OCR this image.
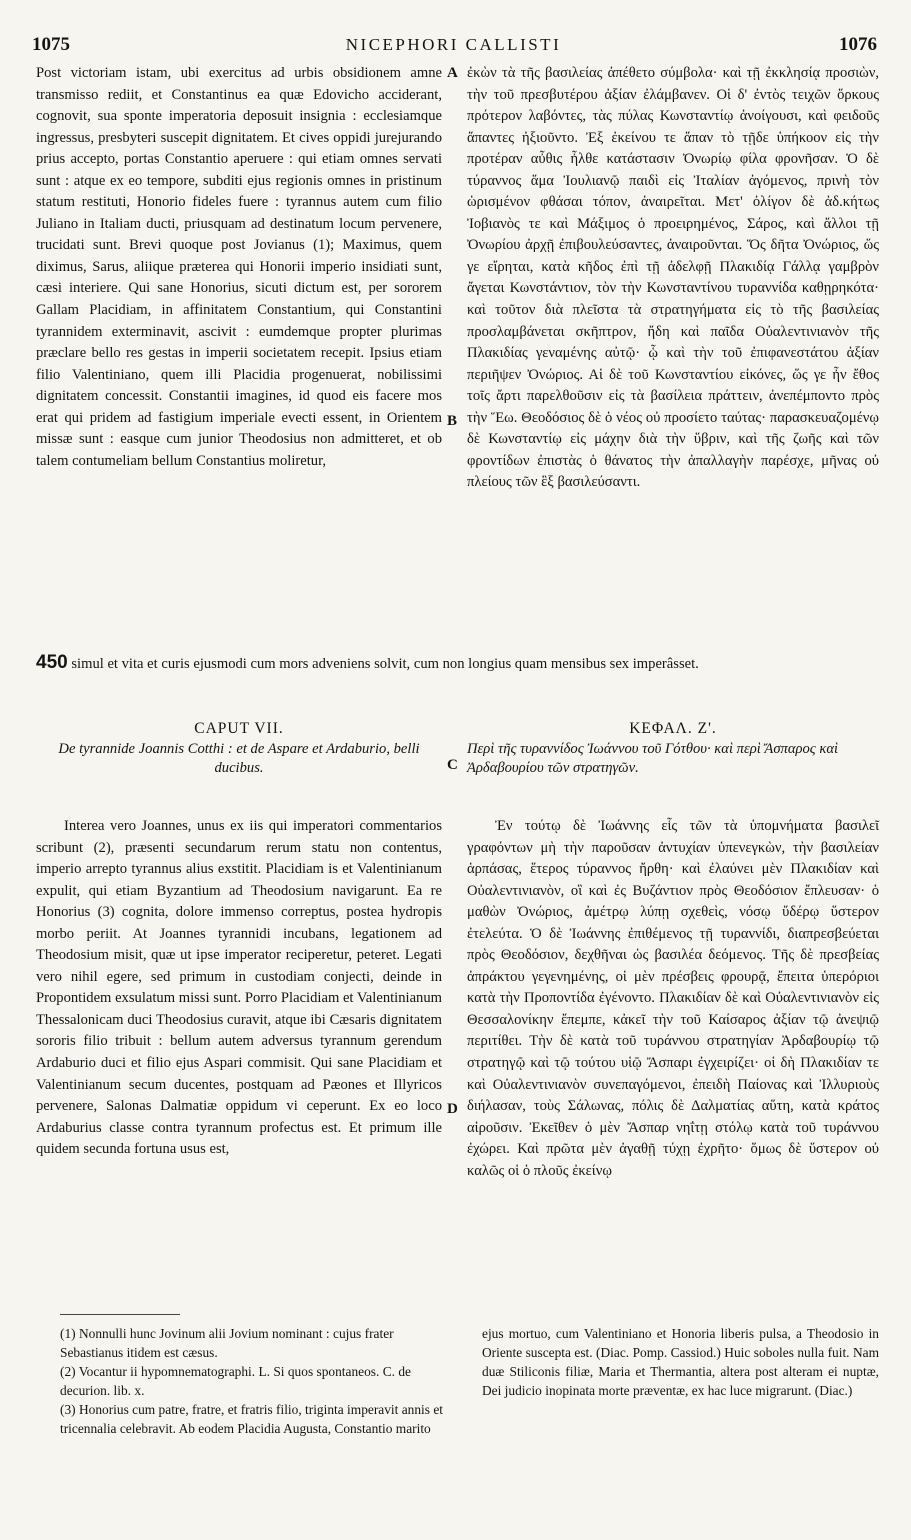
1075	NICEPHORI CALLISTI	1076
A
B
C
D

Post victoriam istam, ubi exercitus ad urbis obsidionem amne transmisso rediit, et Constantinus ea quæ Edovicho acciderant, cognovit, sua sponte imperatoria deposuit insignia : ecclesiamque ingressus, presbyteri suscepit dignitatem. Et cives oppidi jurejurando prius accepto, portas Constantio aperuere : qui etiam omnes servati sunt : atque ex eo tempore, subditi ejus regionis omnes in pristinum statum restituti, Honorio fideles fuere : tyrannus autem cum filio Juliano in Italiam ducti, priusquam ad destinatum locum pervenere, trucidati sunt. Brevi quoque post Jovianus (1); Maximus, quem diximus, Sarus, aliique præterea qui Honorii imperio insidiati sunt, cæsi interiere. Qui sane Honorius, sicuti dictum est, per sororem Gallam Placidiam, in affinitatem Constantium, qui Constantini tyrannidem exterminavit, ascivit : eumdemque propter plurimas præclare bello res gestas in imperii societatem recepit. Ipsius etiam filio Valentiniano, quem illi Placidia progenuerat, nobilissimi dignitatem concessit. Constantii imagines, id quod eis facere mos erat qui pridem ad fastigium imperiale evecti essent, in Orientem missæ sunt : easque cum junior Theodosius non admitteret, et ob talem contumeliam bellum Constantius moliretur,

ἐκὼν τὰ τῆς βασιλείας ἀπέθετο σύμβολα· καὶ τῇ ἐκκλησίᾳ προσιὼν, τὴν τοῦ πρεσβυτέρου ἀξίαν ἐλάμβανεν. Οἱ δ' ἐντὸς τειχῶν ὅρκους πρότερον λαβόντες, τὰς πύλας Κωνσταντίῳ ἀνοίγουσι, καὶ φειδοῦς ἅπαντες ἠξιοῦντο. Ἐξ ἐκείνου τε ἅπαν τὸ τῇδε ὑπήκοον εἰς τὴν προτέραν αὖθις ἦλθε κατάστασιν Ὀνωρίῳ φίλα φρονῆσαν. Ὁ δὲ τύραννος ἅμα Ἰουλιανῷ παιδὶ εἰς Ἰταλίαν ἀγόμενος, πρινὴ τὸν ὡρισμένον φθάσαι τόπον, ἀναιρεῖται. Μετ' ὀλίγον δὲ ἀδ.κήτως Ἰοβιανὸς τε καὶ Μάξιμος ὁ προειρημένος, Σάρος, καὶ ἄλλοι τῇ Ὀνωρίου ἀρχῇ ἐπιβουλεύσαντες, ἀναιροῦνται. Ὅς δῆτα Ὀνώριος, ὥς γε εἴρηται, κατὰ κῆδος ἐπὶ τῇ ἀδελφῇ Πλακιδίᾳ Γάλλᾳ γαμβρὸν ἄγεται Κωνστάντιον, τὸν τὴν Κωνσταντίνου τυραννίδα καθῃρηκότα· καὶ τοῦτον διὰ πλεῖστα τὰ στρατηγήματα εἰς τὸ τῆς βασιλείας προσλαμβάνεται σκῆπτρον, ἤδη καὶ παῖδα Οὐαλεντινιανὸν τῆς Πλακιδίας γεναμένης αὐτῷ· ᾧ καὶ τὴν τοῦ ἐπιφανεστάτου ἀξίαν περιῆψεν Ὀνώριος. Αἱ δὲ τοῦ Κωνσταντίου εἰκόνες, ὥς γε ἦν ἔθος τοῖς ἄρτι παρελθοῦσιν εἰς τὰ βασίλεια πράττειν, ἀνεπέμποντο πρὸς τὴν Ἕω. Θεοδόσιος δὲ ὁ νέος οὐ προσίετο ταύτας· παρασκευαζομένῳ δὲ Κωνσταντίῳ εἰς μάχην διὰ τὴν ὕβριν, καὶ τῆς ζωῆς καὶ τῶν φροντίδων ἐπιστὰς ὁ θάνατος τὴν ἀπαλλαγὴν παρέσχε, μῆνας οὐ πλείους τῶν ἓξ βασιλεύσαντι.

450 simul et vita et curis ejusmodi cum mors adveniens solvit, cum non longius quam mensibus sex imperâsset.

CAPUT VII.

De tyrannide Joannis Cotthi : et de Aspare et Ardaburio, belli ducibus.

ΚΕΦΑΛ. Ζ'.

Περὶ τῆς τυραννίδος Ἰωάννου τοῦ Γότθου· καὶ περὶ Ἄσπαρος καὶ Ἀρδαβουρίου τῶν στρατηγῶν.

Interea vero Joannes, unus ex iis qui imperatori commentarios scribunt (2), præsenti secundarum rerum statu non contentus, imperio arrepto tyrannus alius exstitit. Placidiam is et Valentinianum expulit, qui etiam Byzantium ad Theodosium navigarunt. Ea re Honorius (3) cognita, dolore immenso correptus, postea hydropis morbo periit. At Joannes tyrannidi incubans, legationem ad Theodosium misit, quæ ut ipse imperator reciperetur, peteret. Legati vero nihil egere, sed primum in custodiam conjecti, deinde in Propontidem exsulatum missi sunt. Porro Placidiam et Valentinianum Thessalonicam duci Theodosius curavit, atque ibi Cæsaris dignitatem sororis filio tribuit : bellum autem adversus tyrannum gerendum Ardaburio duci et filio ejus Aspari commisit. Qui sane Placidiam et Valentinianum secum ducentes, postquam ad Pæones et Illyricos pervenere, Salonas Dalmatiæ oppidum vi ceperunt. Ex eo loco Ardaburius classe contra tyrannum profectus est. Et primum ille quidem secunda fortuna usus est,

Ἐν τούτῳ δὲ Ἰωάννης εἷς τῶν τὰ ὑπομνήματα βασιλεῖ γραφόντων μὴ τὴν παροῦσαν ἀντυχίαν ὑπενεγκὼν, τὴν βασιλείαν ἁρπάσας, ἕτερος τύραννος ἤρθη· καὶ ἐλαύνει μὲν Πλακιδίαν καὶ Οὐαλεντινιανὸν, οἳ καὶ ἐς Βυζάντιον πρὸς Θεοδόσιον ἔπλευσαν· ὁ μαθὼν Ὀνώριος, ἀμέτρῳ λύπῃ σχεθεὶς, νόσῳ ὕδέρῳ ὕστερον ἐτελεύτα. Ὁ δὲ Ἰωάννης ἐπιθέμενος τῇ τυραννίδι, διαπρεσβεύεται πρὸς Θεοδόσιον, δεχθῆναι ὡς βασιλέα δεόμενος. Τῆς δὲ πρεσβείας ἀπράκτου γεγενημένης, οἱ μὲν πρέσβεις φρουρᾷ, ἔπειτα ὑπερόριοι κατὰ τὴν Προποντίδα ἐγένοντο. Πλακιδίαν δὲ καὶ Οὐαλεντινιανὸν εἰς Θεσσαλονίκην ἔπεμπε, κἀκεῖ τὴν τοῦ Καίσαρος ἀξίαν τῷ ἀνεψιῷ περιτίθει. Τὴν δὲ κατὰ τοῦ τυράννου στρατηγίαν Ἀρδαβουρίῳ τῷ στρατηγῷ καὶ τῷ τούτου υἱῷ Ἄσπαρι ἐγχειρίζει· οἱ δὴ Πλακιδίαν τε καὶ Οὐαλεντινιανὸν συνεπαγόμενοι, ἐπειδὴ Παίονας καὶ Ἰλλυριοὺς διήλασαν, τοὺς Σάλωνας, πόλις δὲ Δαλματίας αὕτη, κατὰ κράτος αἱροῦσιν. Ἐκεῖθεν ὁ μὲν Ἄσπαρ νηΐτῃ στόλῳ κατὰ τοῦ τυράννου ἐχώρει. Καὶ πρῶτα μὲν ἀγαθῇ τύχῃ ἐχρῆτο· ὅμως δὲ ὕστερον οὐ καλῶς οἱ ὁ πλοῦς ἐκείνῳ

(1) Nonnulli hunc Jovinum alii Jovium nominant : cujus frater Sebastianus itidem est cæsus.

(2) Vocantur ii hypomnematographi. L. Si quos spontaneos. C. de decurion. lib. x.

(3) Honorius cum patre, fratre, et fratris filio, triginta imperavit annis et tricennalia celebravit. Ab eodem Placidia Augusta, Constantio marito

ejus mortuo, cum Valentiniano et Honoria liberis pulsa, a Theodosio in Oriente suscepta est. (Diac. Pomp. Cassiod.) Huic soboles nulla fuit. Nam duæ Stiliconis filiæ, Maria et Thermantia, altera post alteram ei nuptæ, Dei judicio inopinata morte præventæ, ex hac luce migrarunt. (Diac.)
